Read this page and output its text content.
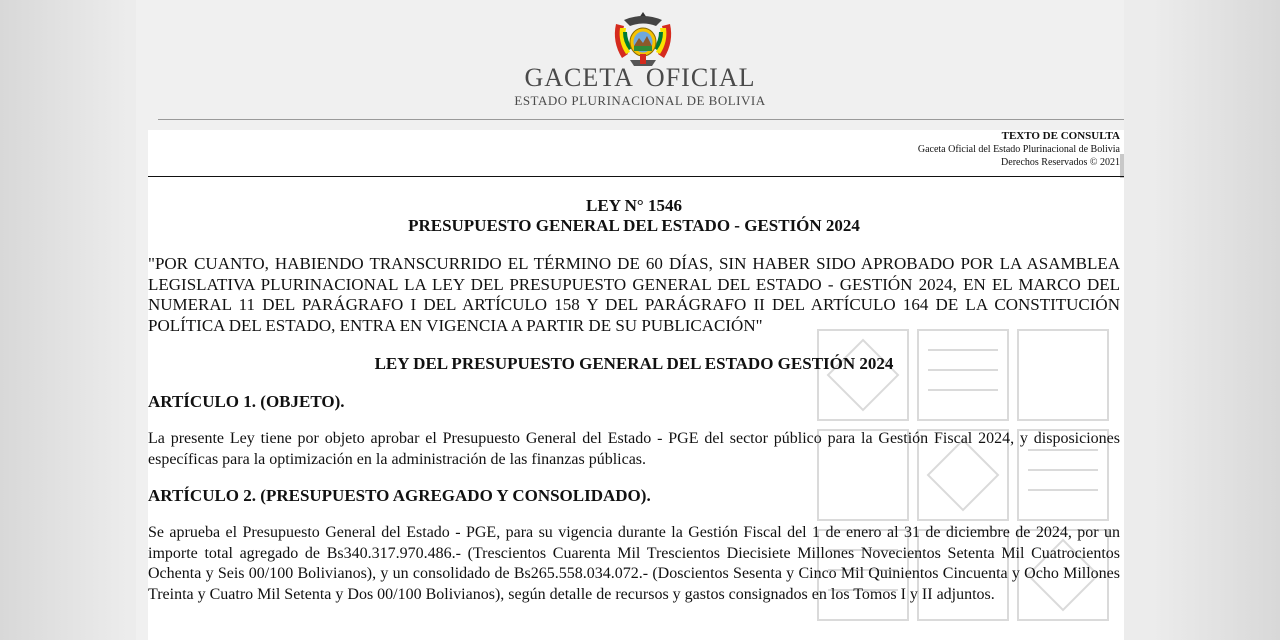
GACETA OFICIAL
ESTADO PLURINACIONAL DE BOLIVIA
TEXTO DE CONSULTA
Gaceta Oficial del Estado Plurinacional de Bolivia
Derechos Reservados © 2021
LEY N° 1546
PRESUPUESTO GENERAL DEL ESTADO - GESTIÓN 2024
"POR CUANTO, HABIENDO TRANSCURRIDO EL TÉRMINO DE 60 DÍAS, SIN HABER SIDO APROBADO POR LA ASAMBLEA LEGISLATIVA PLURINACIONAL LA LEY DEL PRESUPUESTO GENERAL DEL ESTADO - GESTIÓN 2024, EN EL MARCO DEL NUMERAL 11 DEL PARÁGRAFO I DEL ARTÍCULO 158 Y DEL PARÁGRAFO II DEL ARTÍCULO 164 DE LA CONSTITUCIÓN POLÍTICA DEL ESTADO, ENTRA EN VIGENCIA A PARTIR DE SU PUBLICACIÓN"
LEY DEL PRESUPUESTO GENERAL DEL ESTADO GESTIÓN 2024
ARTÍCULO 1. (OBJETO).
La presente Ley tiene por objeto aprobar el Presupuesto General del Estado - PGE del sector público para la Gestión Fiscal 2024, y disposiciones específicas para la optimización en la administración de las finanzas públicas.
ARTÍCULO 2. (PRESUPUESTO AGREGADO Y CONSOLIDADO).
Se aprueba el Presupuesto General del Estado - PGE, para su vigencia durante la Gestión Fiscal del 1 de enero al 31 de diciembre de 2024, por un importe total agregado de Bs340.317.970.486.- (Trescientos Cuarenta Mil Trescientos Diecisiete Millones Novecientos Setenta Mil Cuatrocientos Ochenta y Seis 00/100 Bolivianos), y un consolidado de Bs265.558.034.072.- (Doscientos Sesenta y Cinco Mil Quinientos Cincuenta y Ocho Millones Treinta y Cuatro Mil Setenta y Dos 00/100 Bolivianos), según detalle de recursos y gastos consignados en los Tomos I y II adjuntos.
